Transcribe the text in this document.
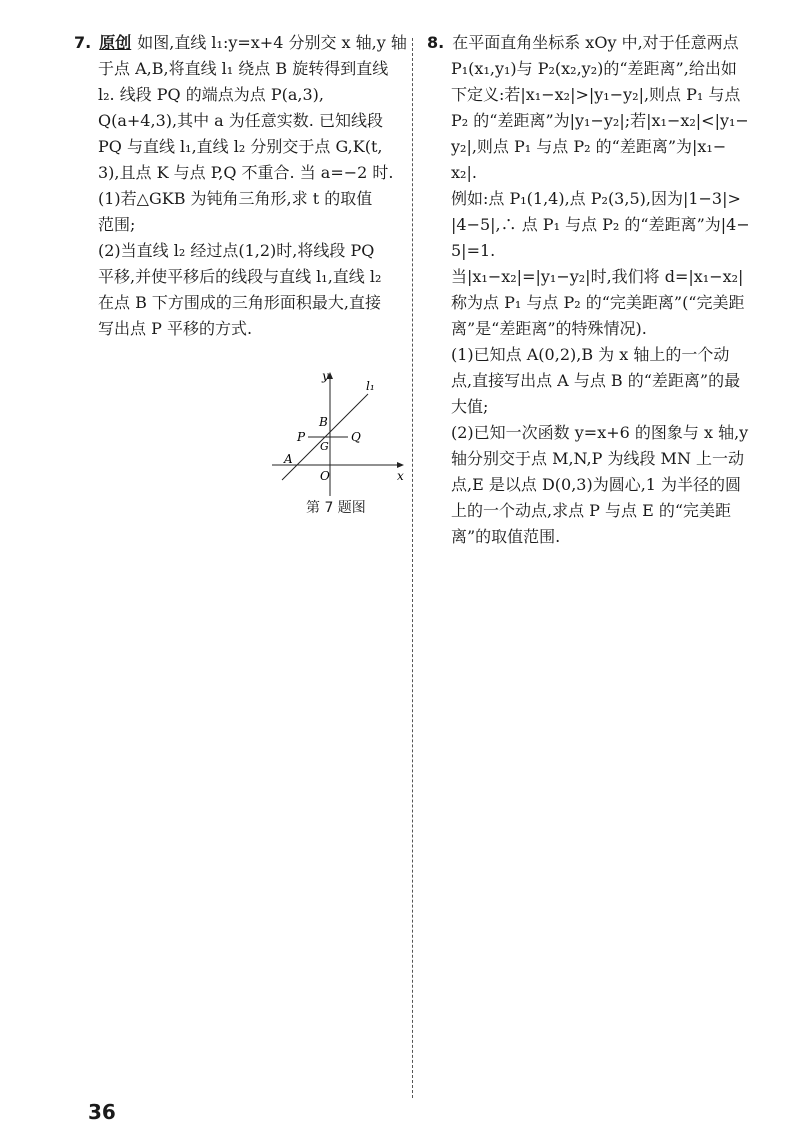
7. 原创 如图,直线 l₁:y=x+4 分别交 x 轴,y 轴
于点 A,B,将直线 l₁ 绕点 B 旋转得到直线
l₂. 线段 PQ 的端点为点 P(a,3),
Q(a+4,3),其中 a 为任意实数. 已知线段
PQ 与直线 l₁,直线 l₂ 分别交于点 G,K(t,
3),且点 K 与点 P,Q 不重合. 当 a=−2 时.
(1)若△GKB 为钝角三角形,求 t 的取值
范围;
(2)当直线 l₂ 经过点(1,2)时,将线段 PQ
平移,并使平移后的线段与直线 l₁,直线 l₂
在点 B 下方围成的三角形面积最大,直接
写出点 P 平移的方式.
y
x
l₁
B
P	Q
G
A
O
第 7 题图
8. 在平面直角坐标系 xOy 中,对于任意两点
P₁(x₁,y₁)与 P₂(x₂,y₂)的“差距离”,给出如
下定义:若|x₁−x₂|>|y₁−y₂|,则点 P₁ 与点
P₂ 的“差距离”为|y₁−y₂|;若|x₁−x₂|<|y₁−
y₂|,则点 P₁ 与点 P₂ 的“差距离”为|x₁−
x₂|.
例如:点 P₁(1,4),点 P₂(3,5),因为|1−3|>
|4−5|,∴ 点 P₁ 与点 P₂ 的“差距离”为|4−
5|=1.
当|x₁−x₂|=|y₁−y₂|时,我们将 d=|x₁−x₂|
称为点 P₁ 与点 P₂ 的“完美距离”(“完美距
离”是“差距离”的特殊情况).
(1)已知点 A(0,2),B 为 x 轴上的一个动
点,直接写出点 A 与点 B 的“差距离”的最
大值;
(2)已知一次函数 y=x+6 的图象与 x 轴,y
轴分别交于点 M,N,P 为线段 MN 上一动
点,E 是以点 D(0,3)为圆心,1 为半径的圆
上的一个动点,求点 P 与点 E 的“完美距
离”的取值范围.
36
